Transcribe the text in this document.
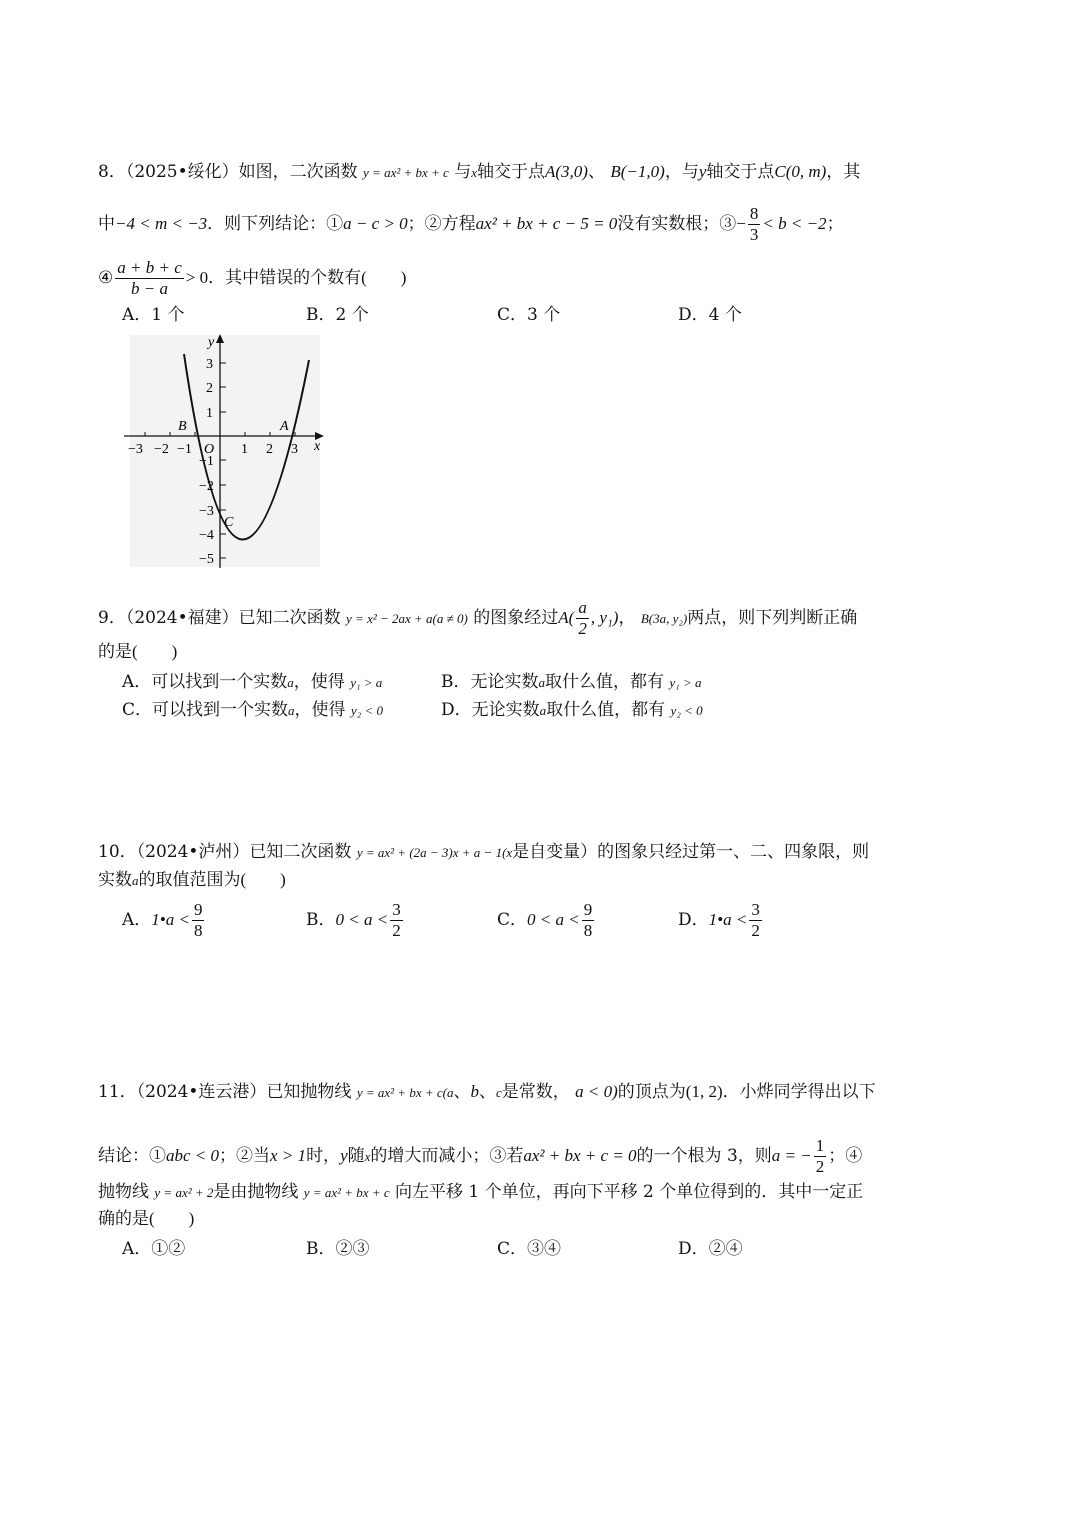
8．（2025•绥化）如图，二次函数 y = ax² + bx + c 与x轴交于点A(3,0)、 B(−1,0)，与y轴交于点C(0, m)，其
中−4 < m < −3．则下列结论：①a − c > 0；②方程ax² + bx + c − 5 = 0没有实数根；③− $\frac{8}{3} < b < -2$；
④ $\frac{a + b + c}{b - a} > 0$．其中错误的个数有(　　)
A．1 个	B．2 个	C．3 个	D．4 个
y
x
O
A
B
C
−3 −2 −1	1 2 3
3
2
1
−1
−2
−3
−4
−5
9．（2024•福建）已知二次函数 y = x² − 2ax + a(a ≠ 0) 的图象经过$A( \frac{a}{2}$ , y₁)， B(3a, y₂)两点，则下列判断正确
的是(　　)
A．可以找到一个实数a，使得 y₁ > a	B．无论实数a取什么值，都有 y₁ > a
C．可以找到一个实数a，使得 y₂ < 0	D．无论实数a取什么值，都有 y₂ < 0
10．（2024•泸州）已知二次函数 y = ax² + (2a − 3)x + a − 1(x是自变量）的图象只经过第一、二、四象限，则
实数a的取值范围为(　　)
A．1•a < $\frac{9}{8}$	B．$0 < a < \frac{3}{2}$	C．$0 < a < \frac{9}{8}$	D．1•a < $\frac{3}{2}$
11．（2024•连云港）已知抛物线 y = ax² + bx + c(a、b、c是常数， a < 0)的顶点为(1, 2)．小烨同学得出以下
结论：①abc < 0；②当x > 1时，y随x的增大而减小；③若ax² + bx + c = 0的一个根为 3，则a = − $\frac{1}{2}$ ；④
抛物线 y = ax² + 2是由抛物线 y = ax² + bx + c 向左平移 1 个单位，再向下平移 2 个单位得到的．其中一定正
确的是(　　)
A．①②	B．②③	C．③④	D．②④
